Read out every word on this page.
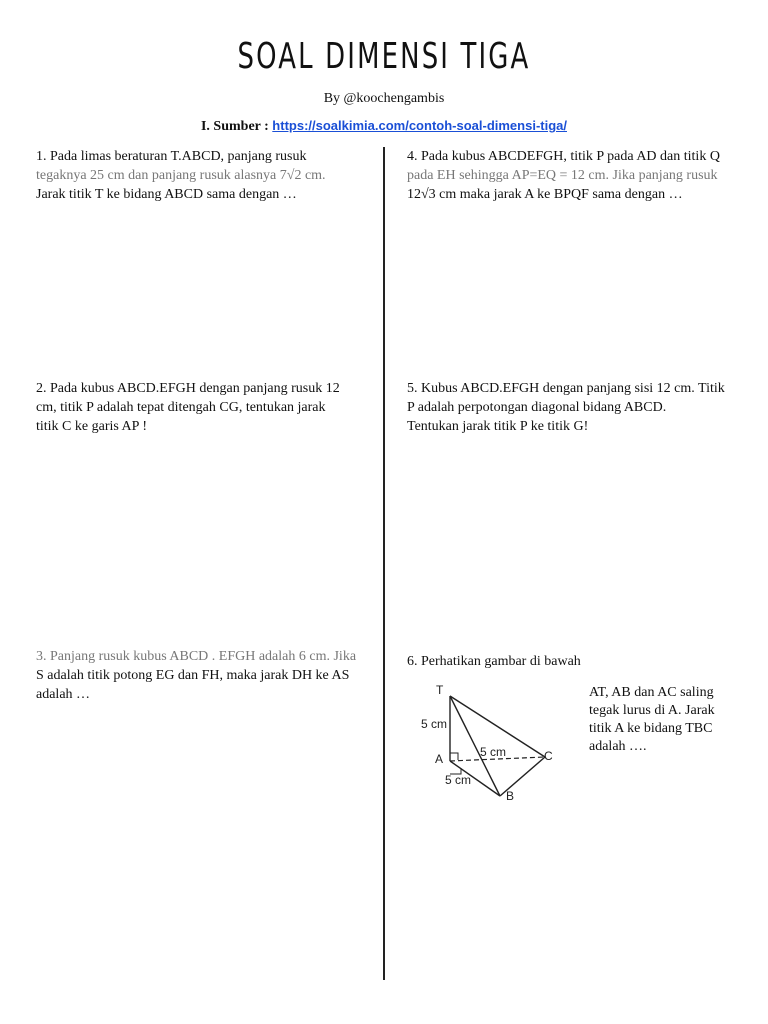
SOAL DIMENSI TIGA
By @koochengambis
I. Sumber : https://soalkimia.com/contoh-soal-dimensi-tiga/
1. Pada limas beraturan T.ABCD, panjang rusuk
tegaknya 25 cm dan panjang rusuk alasnya 7√2 cm.
Jarak titik T ke bidang ABCD sama dengan …
2. Pada kubus ABCD.EFGH dengan panjang rusuk 12
cm, titik P adalah tepat ditengah CG, tentukan jarak
titik C ke garis AP !
3. Panjang rusuk kubus ABCD . EFGH adalah 6 cm. Jika
S adalah titik potong EG dan FH, maka jarak DH ke AS
adalah …
4. Pada kubus ABCDEFGH, titik P pada AD dan titik Q
pada EH sehingga AP=EQ = 12 cm. Jika panjang rusuk
12√3 cm maka jarak A ke BPQF sama dengan …
5. Kubus ABCD.EFGH dengan panjang sisi 12 cm. Titik
P adalah perpotongan diagonal bidang ABCD.
Tentukan jarak titik P ke titik G!
6. Perhatikan gambar di bawah
T
A
B
C
5 cm
5 cm
5 cm
AT, AB dan AC saling
tegak lurus di A. Jarak
titik A ke bidang TBC
adalah ….
